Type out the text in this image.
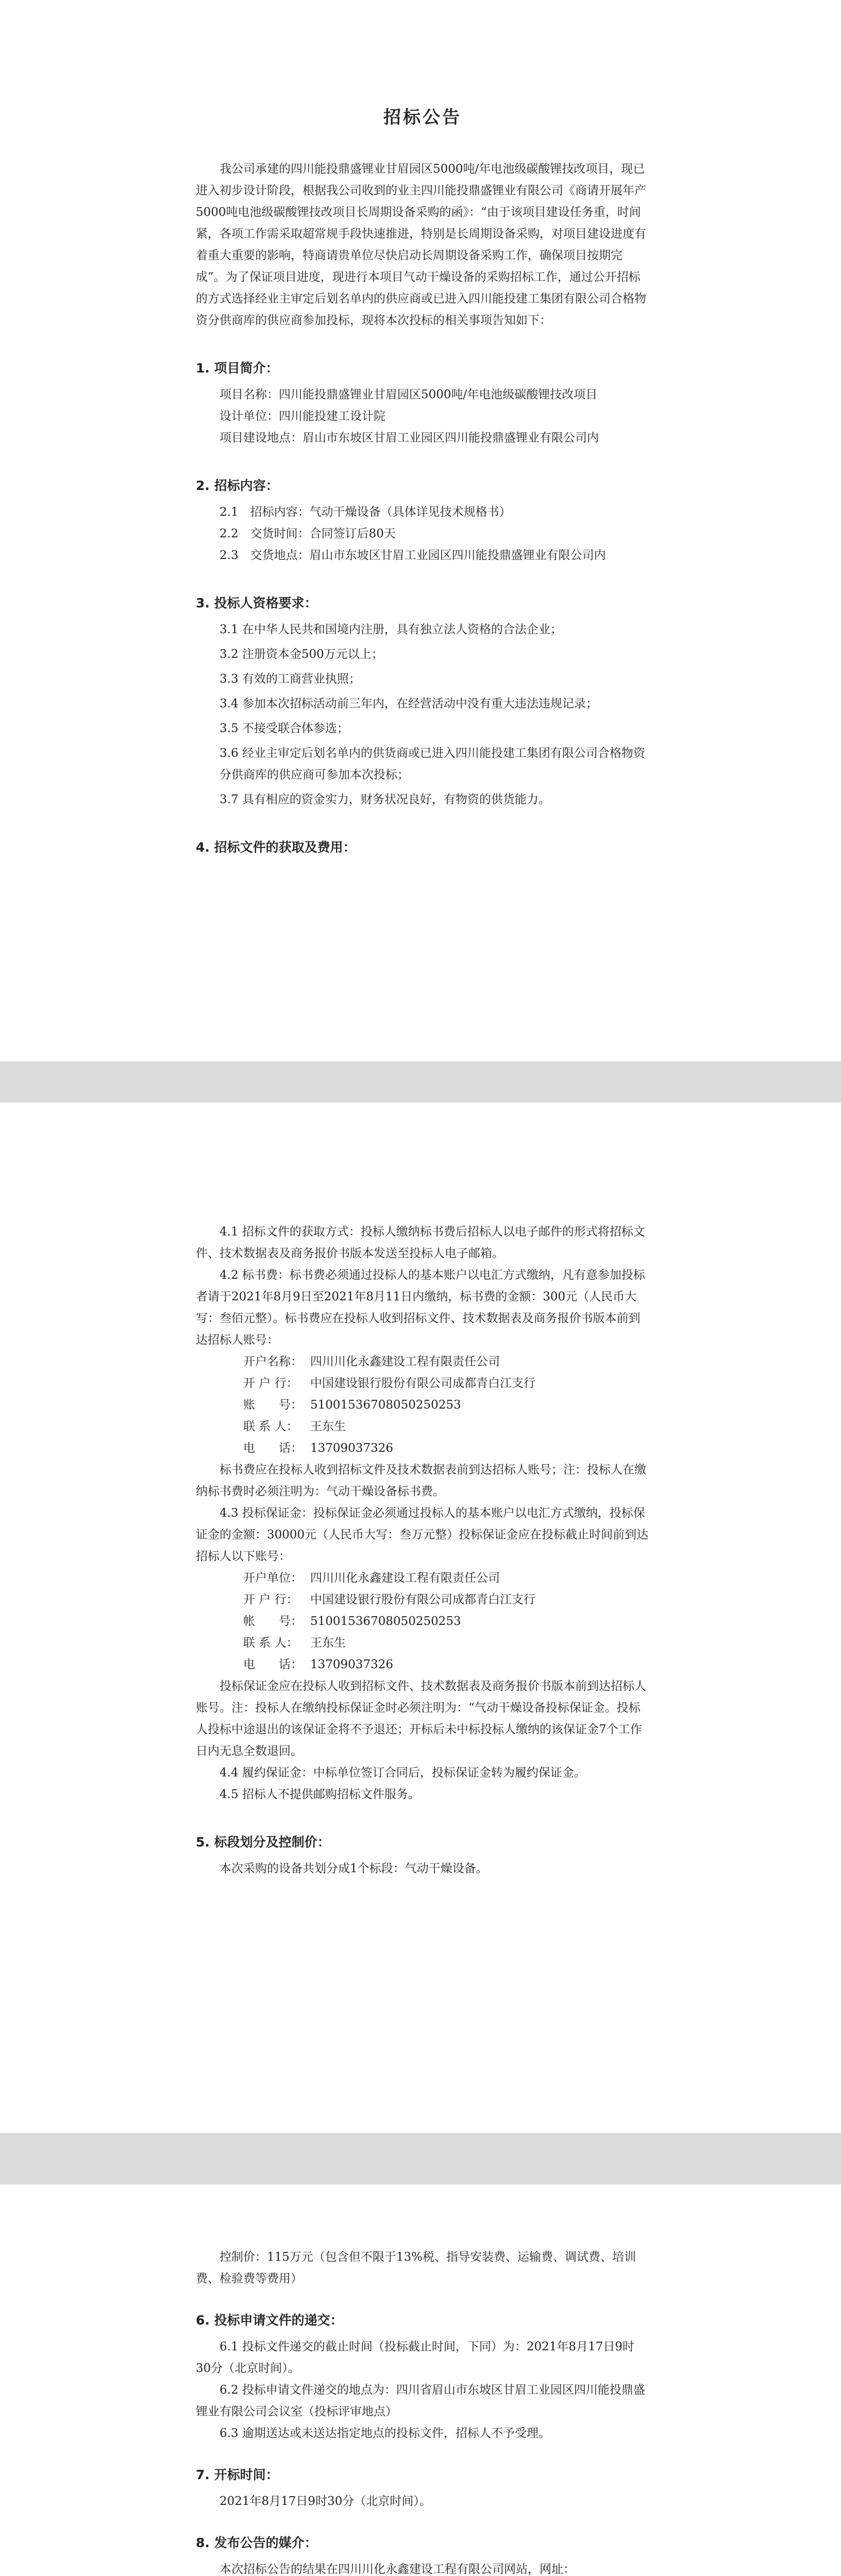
招标公告

我公司承建的四川能投鼎盛锂业甘眉园区5000吨/年电池级碳酸锂技改项目，现已进入初步设计阶段，根据我公司收到的业主四川能投鼎盛锂业有限公司《商请开展年产5000吨电池级碳酸锂技改项目长周期设备采购的函》：“由于该项目建设任务重，时间紧，各项工作需采取超常规手段快速推进，特别是长周期设备采购，对项目建设进度有着重大重要的影响，特商请贵单位尽快启动长周期设备采购工作，确保项目按期完成”。为了保证项目进度，现进行本项目气动干燥设备的采购招标工作，通过公开招标的方式选择经业主审定后划名单内的供应商或已进入四川能投建工集团有限公司合格物资分供商库的供应商参加投标，现将本次投标的相关事项告知如下：

1. 项目简介：

项目名称：四川能投鼎盛锂业甘眉园区5000吨/年电池级碳酸锂技改项目

设计单位：四川能投建工设计院

项目建设地点：眉山市东坡区甘眉工业园区四川能投鼎盛锂业有限公司内

2. 招标内容：

2.1　招标内容：气动干燥设备（具体详见技术规格书）

2.2　交货时间：合同签订后80天

2.3　交货地点：眉山市东坡区甘眉工业园区四川能投鼎盛锂业有限公司内

3. 投标人资格要求：

3.1 在中华人民共和国境内注册，具有独立法人资格的合法企业；

3.2 注册资本金500万元以上；

3.3 有效的工商营业执照；

3.4 参加本次招标活动前三年内，在经营活动中没有重大违法违规记录；

3.5 不接受联合体参选；

3.6 经业主审定后划名单内的供货商或已进入四川能投建工集团有限公司合格物资分供商库的供应商可参加本次投标；

3.7 具有相应的资金实力，财务状况良好，有物资的供货能力。

4. 招标文件的获取及费用：

4.1 招标文件的获取方式：投标人缴纳标书费后招标人以电子邮件的形式将招标文件、技术数据表及商务报价书版本发送至投标人电子邮箱。

4.2 标书费：标书费必须通过投标人的基本账户以电汇方式缴纳，凡有意参加投标者请于2021年8月9日至2021年8月11日内缴纳，标书费的金额：300元（人民币大写：叁佰元整）。标书费应在投标人收到招标文件、技术数据表及商务报价书版本前到达招标人账号：

开户名称： 四川川化永鑫建设工程有限责任公司

开 户 行：	中国建设银行股份有限公司成都青白江支行

账　　号： 51001536708050250253

联 系 人：	王东生

电　　话： 13709037326

标书费应在投标人收到招标文件及技术数据表前到达招标人账号；注：投标人在缴纳标书费时必须注明为：气动干燥设备标书费。

4.3 投标保证金：投标保证金必须通过投标人的基本账户以电汇方式缴纳，投标保证金的金额：30000元（人民币大写：叁万元整）投标保证金应在投标截止时间前到达招标人以下账号：

开户单位： 四川川化永鑫建设工程有限责任公司

开 户 行：	中国建设银行股份有限公司成都青白江支行

帐　　号： 51001536708050250253

联 系 人：	王东生

电　　话： 13709037326

投标保证金应在投标人收到招标文件、技术数据表及商务报价书版本前到达招标人账号。注：投标人在缴纳投标保证金时必须注明为：“气动干燥设备投标保证金。投标人投标中途退出的该保证金将不予退还；开标后未中标投标人缴纳的该保证金7个工作日内无息全数退回。

4.4 履约保证金：中标单位签订合同后，投标保证金转为履约保证金。

4.5 招标人不提供邮购招标文件服务。

5. 标段划分及控制价：

本次采购的设备共划分成1个标段：气动干燥设备。

控制价：115万元（包含但不限于13%税、指导安装费、运输费、调试费、培训费、检验费等费用）

6. 投标申请文件的递交：

6.1 投标文件递交的截止时间（投标截止时间，下同）为：2021年8月17日9时30分（北京时间）。

6.2 投标申请文件递交的地点为：四川省眉山市东坡区甘眉工业园区四川能投鼎盛锂业有限公司会议室（投标评审地点）

6.3 逾期送达或未送达指定地点的投标文件，招标人不予受理。

7. 开标时间：

2021年8月17日9时30分（北京时间）。

8. 发布公告的媒介：

本次招标公告的结果在四川川化永鑫建设工程有限公司网站，网址：
